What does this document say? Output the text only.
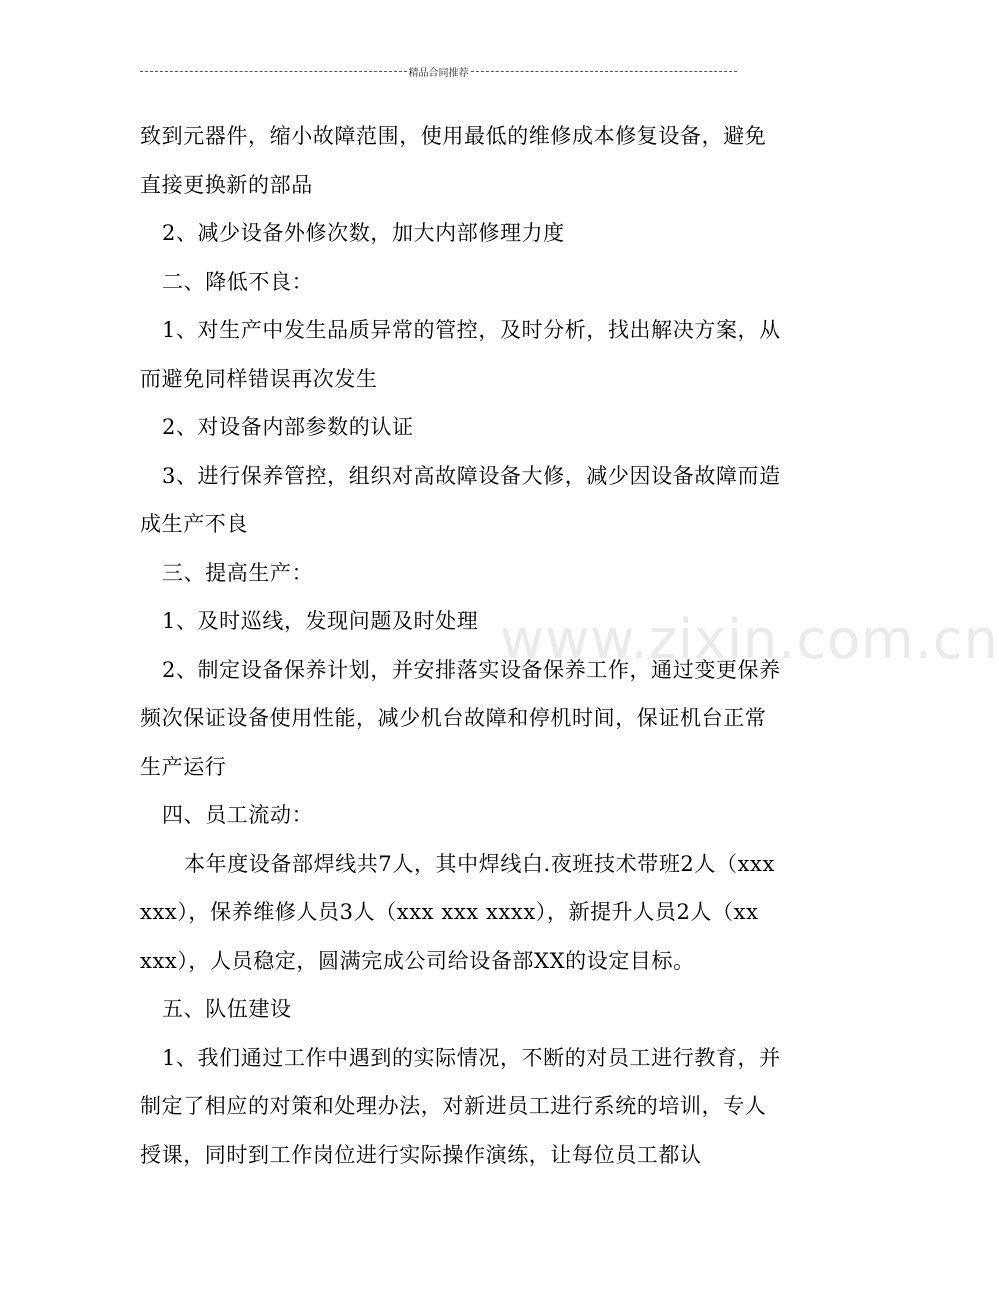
精品合同推荐

致到元器件，缩小故障范围，使用最低的维修成本修复设备，避免直接更换新的部品

2、减少设备外修次数，加大内部修理力度

二、降低不良：

1、对生产中发生品质异常的管控，及时分析，找出解决方案，从而避免同样错误再次发生

2、对设备内部参数的认证

3、进行保养管控，组织对高故障设备大修，减少因设备故障而造成生产不良

三、提高生产：

1、及时巡线，发现问题及时处理

2、制定设备保养计划，并安排落实设备保养工作，通过变更保养频次保证设备使用性能，减少机台故障和停机时间，保证机台正常生产运行

四、员工流动：

本年度设备部焊线共7人，其中焊线白.夜班技术带班2人（xxx xxx），保养维修人员3人（xxx xxx xxxx），新提升人员2人（xx xxx），人员稳定，圆满完成公司给设备部XX的设定目标。

五、队伍建设

1、我们通过工作中遇到的实际情况，不断的对员工进行教育，并制定了相应的对策和处理办法，对新进员工进行系统的培训，专人授课，同时到工作岗位进行实际操作演练，让每位员工都认

www.zixin.com.cn
